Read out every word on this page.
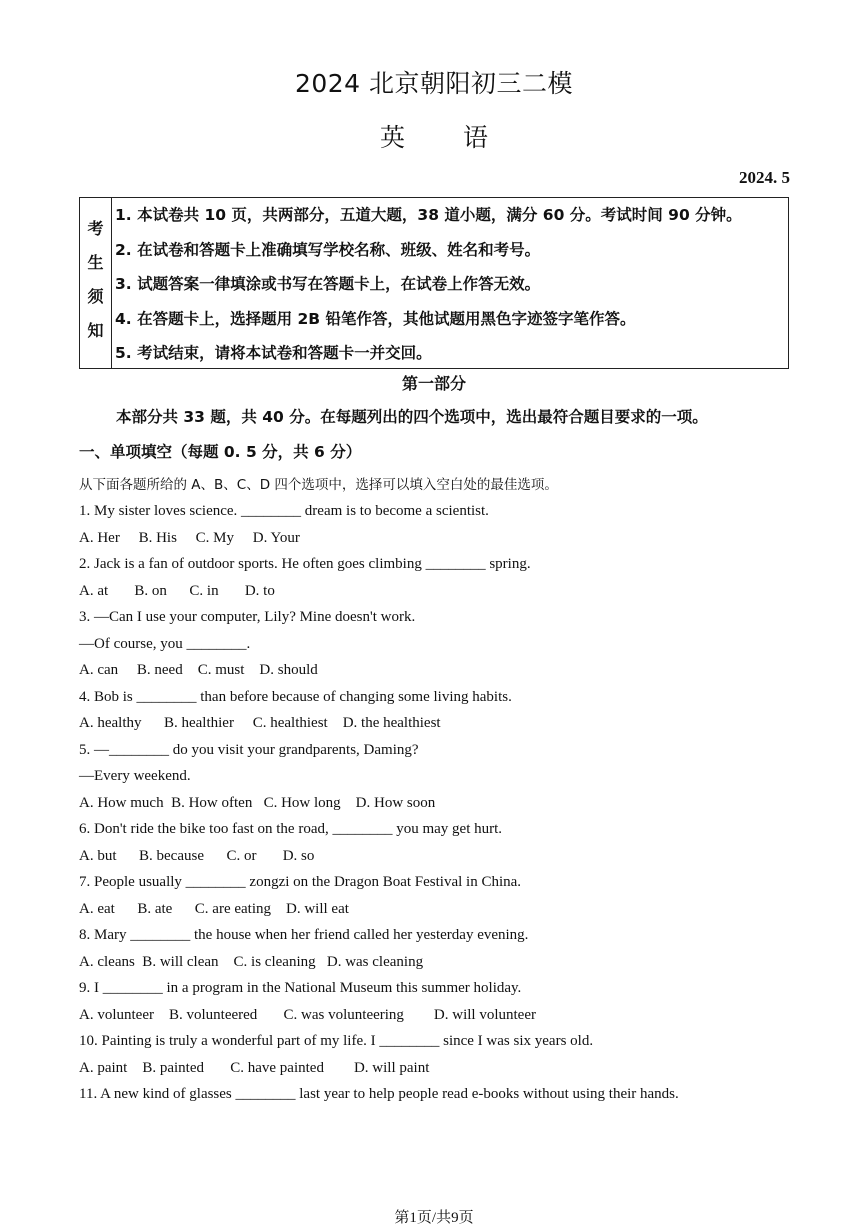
2024 北京朝阳初三二模
英语
2024. 5
考
生
须
知
1. 本试卷共 10 页，共两部分，五道大题，38 道小题，满分 60 分。考试时间 90 分钟。
2. 在试卷和答题卡上准确填写学校名称、班级、姓名和考号。
3. 试题答案一律填涂或书写在答题卡上，在试卷上作答无效。
4. 在答题卡上，选择题用 2B 铅笔作答，其他试题用黑色字迹签字笔作答。
5. 考试结束，请将本试卷和答题卡一并交回。
第一部分
本部分共 33 题，共 40 分。在每题列出的四个选项中，选出最符合题目要求的一项。
一、单项填空（每题 0. 5 分，共 6 分）
从下面各题所给的 A、B、C、D 四个选项中，选择可以填入空白处的最佳选项。
1. My sister loves science. ________ dream is to become a scientist.
A. Her     B. His     C. My     D. Your
2. Jack is a fan of outdoor sports. He often goes climbing ________ spring.
A. at       B. on      C. in       D. to
3. —Can I use your computer, Lily? Mine doesn't work.
—Of course, you ________.
A. can     B. need    C. must    D. should
4. Bob is ________ than before because of changing some living habits.
A. healthy      B. healthier     C. healthiest    D. the healthiest
5. —________ do you visit your grandparents, Daming?
—Every weekend.
A. How much  B. How often   C. How long    D. How soon
6. Don't ride the bike too fast on the road, ________ you may get hurt.
A. but      B. because      C. or       D. so
7. People usually ________ zongzi on the Dragon Boat Festival in China.
A. eat      B. ate      C. are eating    D. will eat
8. Mary ________ the house when her friend called her yesterday evening.
A. cleans  B. will clean    C. is cleaning   D. was cleaning
9. I ________ in a program in the National Museum this summer holiday.
A. volunteer    B. volunteered       C. was volunteering        D. will volunteer
10. Painting is truly a wonderful part of my life. I ________ since I was six years old.
A. paint    B. painted       C. have painted        D. will paint
11. A new kind of glasses ________ last year to help people read e-books without using their hands.
第1页/共9页
